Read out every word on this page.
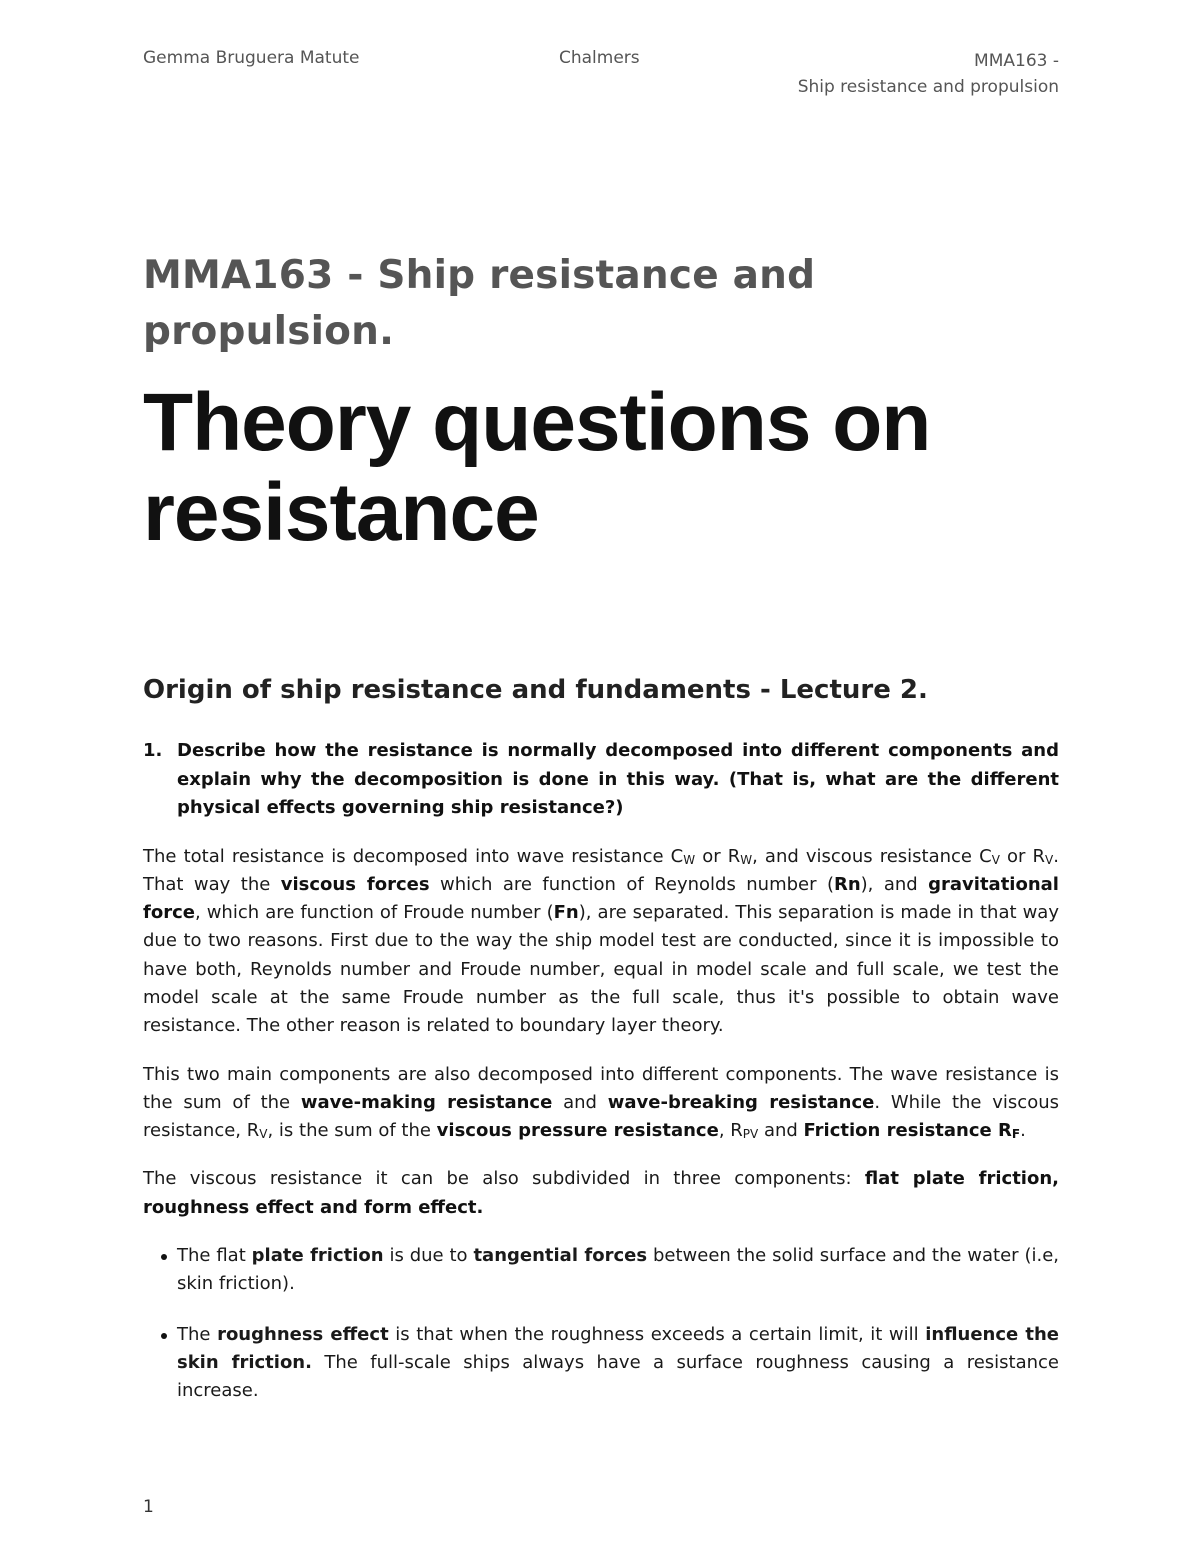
Gemma Bruguera Matute	Chalmers	MMA163 -
Ship resistance and propulsion
MMA163 - Ship resistance and propulsion.
Theory questions on resistance
Origin of ship resistance and fundaments - Lecture 2.
1. Describe how the resistance is normally decomposed into different components and explain why the decomposition is done in this way. (That is, what are the different physical effects governing ship resistance?)

The total resistance is decomposed into wave resistance $C_W$ or $R_W$, and viscous resistance $C_V$ or $R_V$. That way the viscous forces which are function of Reynolds number (Rn), and gravitational force, which are function of Froude number (Fn), are separated. This separation is made in that way due to two reasons. First due to the way the ship model test are conducted, since it is impossible to have both, Reynolds number and Froude number, equal in model scale and full scale, we test the model scale at the same Froude number as the full scale, thus it's possible to obtain wave resistance. The other reason is related to boundary layer theory.

This two main components are also decomposed into different components. The wave resistance is the sum of the wave-making resistance and wave-breaking resistance. While the viscous resistance, $R_V$, is the sum of the viscous pressure resistance, $R_{PV}$ and Friction resistance $R_F$.

The viscous resistance it can be also subdivided in three components: flat plate friction, roughness effect and form effect.

The flat plate friction is due to tangential forces between the solid surface and the water (i.e, skin friction).
The roughness effect is that when the roughness exceeds a certain limit, it will influence the skin friction. The full-scale ships always have a surface roughness causing a resistance increase.
1
